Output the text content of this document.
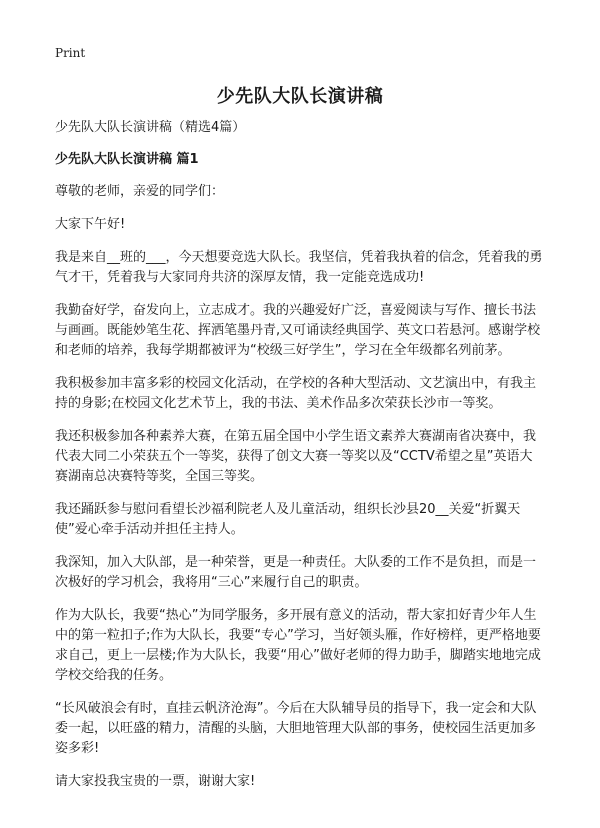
Print
少先队大队长演讲稿

少先队大队长演讲稿（精选4篇）

少先队大队长演讲稿 篇1

尊敬的老师，亲爱的同学们：

大家下午好!

我是来自__班的___，今天想要竞选大队长。我坚信，凭着我执着的信念，凭着我的勇气才干，凭着我与大家同舟共济的深厚友情，我一定能竞选成功!

我勤奋好学，奋发向上，立志成才。我的兴趣爱好广泛，喜爱阅读与写作、擅长书法与画画。既能妙笔生花、挥洒笔墨丹青,又可诵读经典国学、英文口若悬河。感谢学校和老师的培养，我每学期都被评为“校级三好学生”，学习在全年级都名列前茅。

我积极参加丰富多彩的校园文化活动，在学校的各种大型活动、文艺演出中，有我主持的身影;在校园文化艺术节上，我的书法、美术作品多次荣获长沙市一等奖。

我还积极参加各种素养大赛，在第五届全国中小学生语文素养大赛湖南省决赛中，我代表大同二小荣获五个一等奖，获得了创文大赛一等奖以及“CCTV希望之星”英语大赛湖南总决赛特等奖，全国三等奖。

我还踊跃参与慰问看望长沙福利院老人及儿童活动，组织长沙县20__关爱“折翼天使”爱心牵手活动并担任主持人。

我深知，加入大队部，是一种荣誉，更是一种责任。大队委的工作不是负担，而是一次极好的学习机会，我将用“三心”来履行自己的职责。

作为大队长，我要“热心”为同学服务，多开展有意义的活动，帮大家扣好青少年人生中的第一粒扣子;作为大队长，我要“专心”学习，当好领头雁，作好榜样，更严格地要求自己，更上一层楼;作为大队长，我要“用心”做好老师的得力助手，脚踏实地地完成学校交给我的任务。

“长风破浪会有时，直挂云帆济沧海”。今后在大队辅导员的指导下，我一定会和大队委一起，以旺盛的精力，清醒的头脑，大胆地管理大队部的事务，使校园生活更加多姿多彩!

请大家投我宝贵的一票，谢谢大家!
